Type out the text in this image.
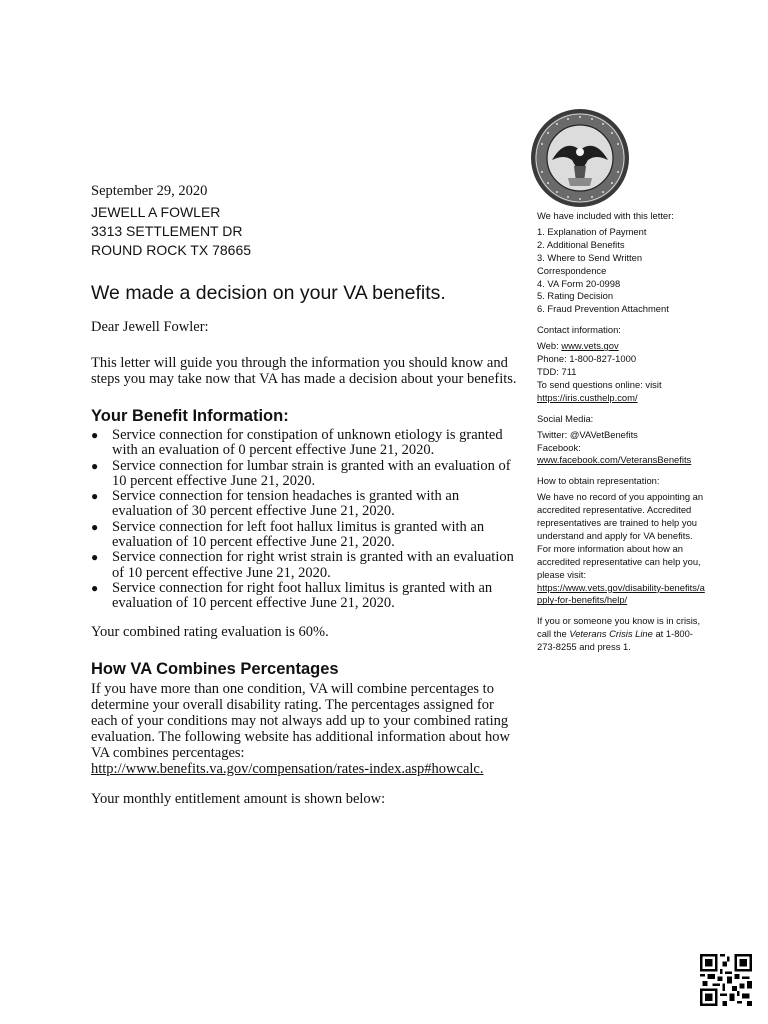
September 29, 2020
JEWELL A FOWLER
3313 SETTLEMENT DR
ROUND ROCK TX 78665
We made a decision on your VA benefits.
Dear Jewell Fowler:
This letter will guide you through the information you should know and steps you may take now that VA has made a decision about your benefits.
Your Benefit Information:
● Service connection for constipation of unknown etiology is granted with an evaluation of 0 percent effective June 21, 2020.
● Service connection for lumbar strain is granted with an evaluation of 10 percent effective June 21, 2020.
● Service connection for tension headaches is granted with an evaluation of 30 percent effective June 21, 2020.
● Service connection for left foot hallux limitus is granted with an evaluation of 10 percent effective June 21, 2020.
● Service connection for right wrist strain is granted with an evaluation of 10 percent effective June 21, 2020.
● Service connection for right foot hallux limitus is granted with an evaluation of 10 percent effective June 21, 2020.
Your combined rating evaluation is 60%.
How VA Combines Percentages
If you have more than one condition, VA will combine percentages to determine your overall disability rating. The percentages assigned for each of your conditions may not always add up to your combined rating evaluation. The following website has additional information about how VA combines percentages: http://www.benefits.va.gov/compensation/rates-index.asp#howcalc.
Your monthly entitlement amount is shown below:
We have included with this letter:
1. Explanation of Payment
2. Additional Benefits
3. Where to Send Written Correspondence
4. VA Form 20-0998
5. Rating Decision
6. Fraud Prevention Attachment
Contact information:
Web: www.vets.gov
Phone: 1-800-827-1000
TDD: 711
To send questions online: visit
https://iris.custhelp.com/
Social Media:
Twitter: @VAVetBenefits
Facebook: www.facebook.com/VeteransBenefits
How to obtain representation:
We have no record of you appointing an accredited representative. Accredited representatives are trained to help you understand and apply for VA benefits. For more information about how an accredited representative can help you, please visit:
https://www.vets.gov/disability-benefits/apply-for-benefits/help/
If you or someone you know is in crisis, call the Veterans Crisis Line at 1-800-273-8255 and press 1.
